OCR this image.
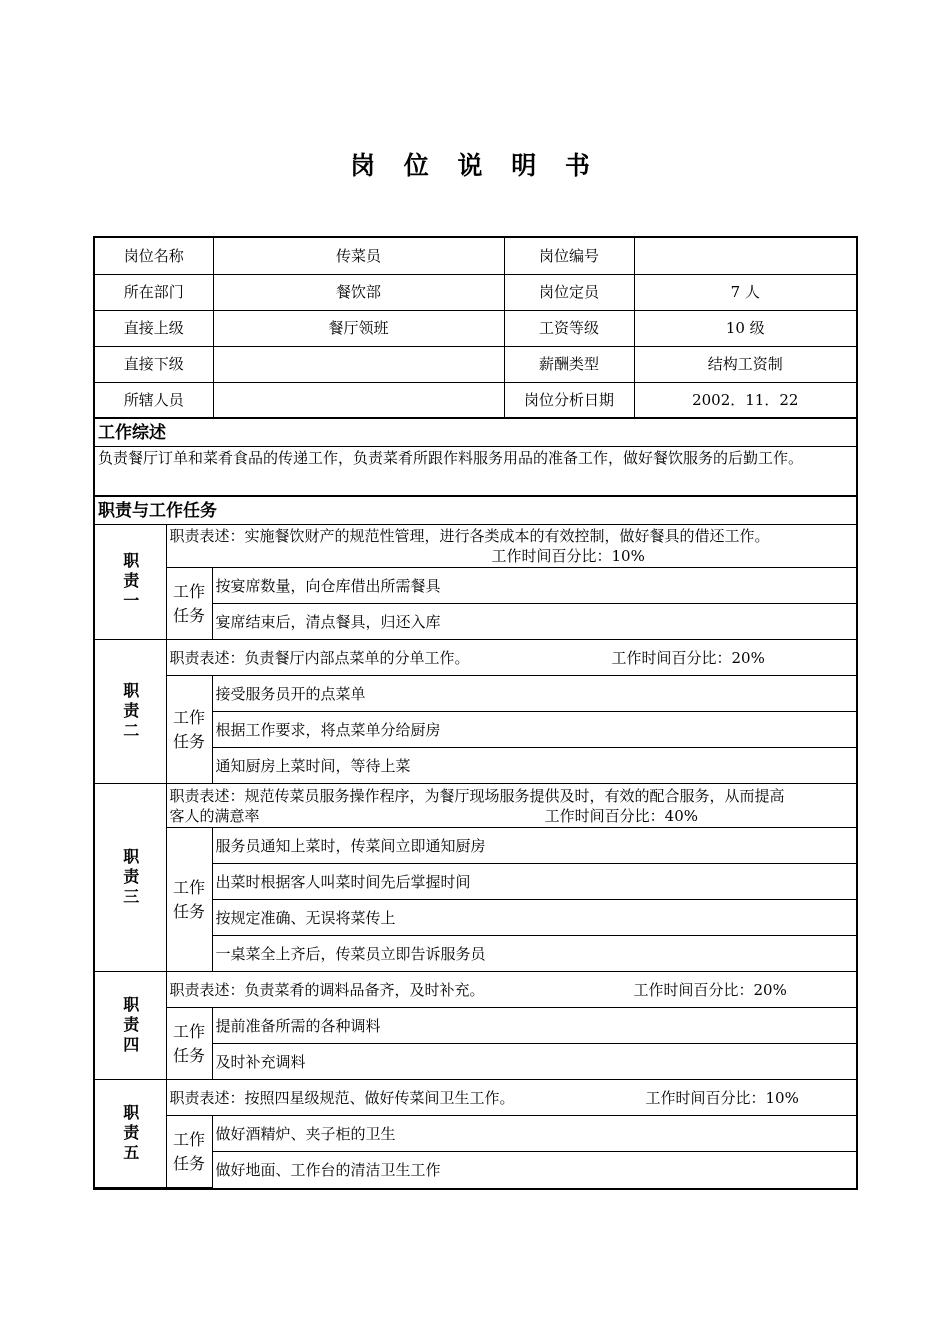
岗 位 说 明 书
岗位名称	传菜员	岗位编号	
所在部门	餐饮部	岗位定员	7 人
直接上级	餐厅领班	工资等级	10 级
直接下级		薪酬类型	结构工资制
所辖人员		岗位分析日期	2002．11．22
工作综述
负责餐厅订单和菜肴食品的传递工作，负责菜肴所跟作料服务用品的准备工作，做好餐饮服务的后勤工作。
职责与工作任务
职责一	职责表述：实施餐饮财产的规范性管理，进行各类成本的有效控制，做好餐具的借还工作。
工作时间百分比：10%	

	工作任务	按宴席数量，向仓库借出所需餐具
		宴席结束后，清点餐具，归还入库
职责二	职责表述：负责餐厅内部点菜单的分单工作。 工作时间百分比：20%	

	工作任务	接受服务员开的点菜单
		根据工作要求，将点菜单分给厨房
		通知厨房上菜时间，等待上菜
职责三	职责表述：规范传菜员服务操作程序，为餐厅现场服务提供及时，有效的配合服务，从而提高
客人的满意率 工作时间百分比：40%	

	工作任务	服务员通知上菜时，传菜间立即通知厨房
		出菜时根据客人叫菜时间先后掌握时间
		按规定准确、无误将菜传上
		一桌菜全上齐后，传菜员立即告诉服务员
职责四	职责表述：负责菜肴的调料品备齐，及时补充。 工作时间百分比：20%	

	工作任务	提前准备所需的各种调料
		及时补充调料
职责五	职责表述：按照四星级规范、做好传菜间卫生工作。 工作时间百分比：10%	

	工作任务	做好酒精炉、夹子柜的卫生
		做好地面、工作台的清洁卫生工作
